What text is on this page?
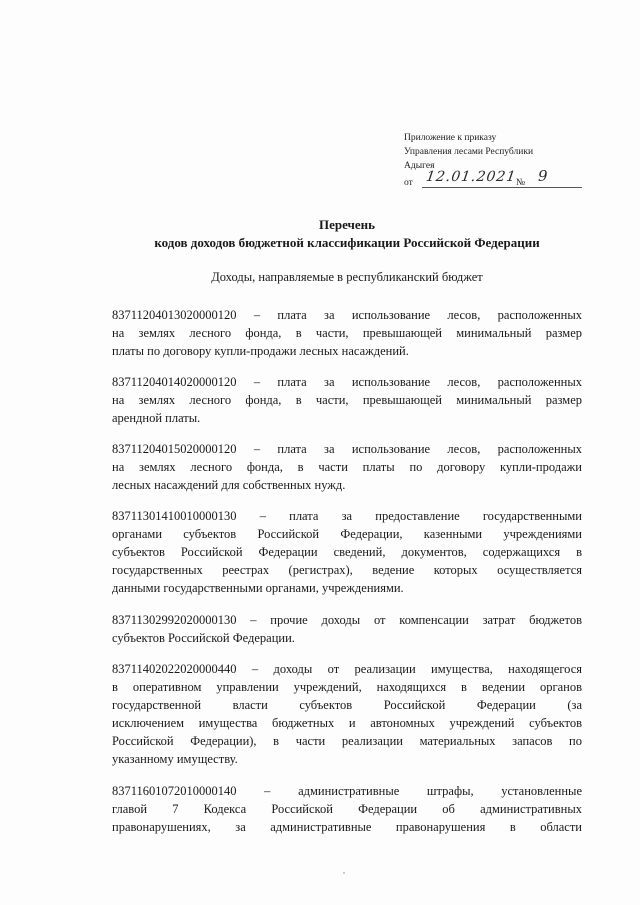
Приложение к приказу
Управления лесами Республики
Адыгея
от 12.01.2021
№ 9
Перечень
кодов доходов бюджетной классификации Российской Федерации
Доходы, направляемые в республиканский бюджет
83711204013020000120 – плата за использование лесов, расположенных
на землях лесного фонда, в части, превышающей минимальный размер
платы по договору купли-продажи лесных насаждений.
83711204014020000120 – плата за использование лесов, расположенных
на землях лесного фонда, в части, превышающей минимальный размер
арендной платы.
83711204015020000120 – плата за использование лесов, расположенных
на землях лесного фонда, в части платы по договору купли-продажи
лесных насаждений для собственных нужд.
83711301410010000130 – плата за предоставление государственными
органами субъектов Российской Федерации, казенными учреждениями
субъектов Российской Федерации сведений, документов, содержащихся в
государственных реестрах (регистрах), ведение которых осуществляется
данными государственными органами, учреждениями.
83711302992020000130 – прочие доходы от компенсации затрат бюджетов
субъектов Российской Федерации.
83711402022020000440 – доходы от реализации имущества, находящегося
в оперативном управлении учреждений, находящихся в ведении органов
государственной власти субъектов Российской Федерации (за
исключением имущества бюджетных и автономных учреждений субъектов
Российской Федерации), в части реализации материальных запасов по
указанному имуществу.
83711601072010000140 – административные штрафы, установленные
главой 7 Кодекса Российской Федерации об административных
правонарушениях, за административные правонарушения в области
